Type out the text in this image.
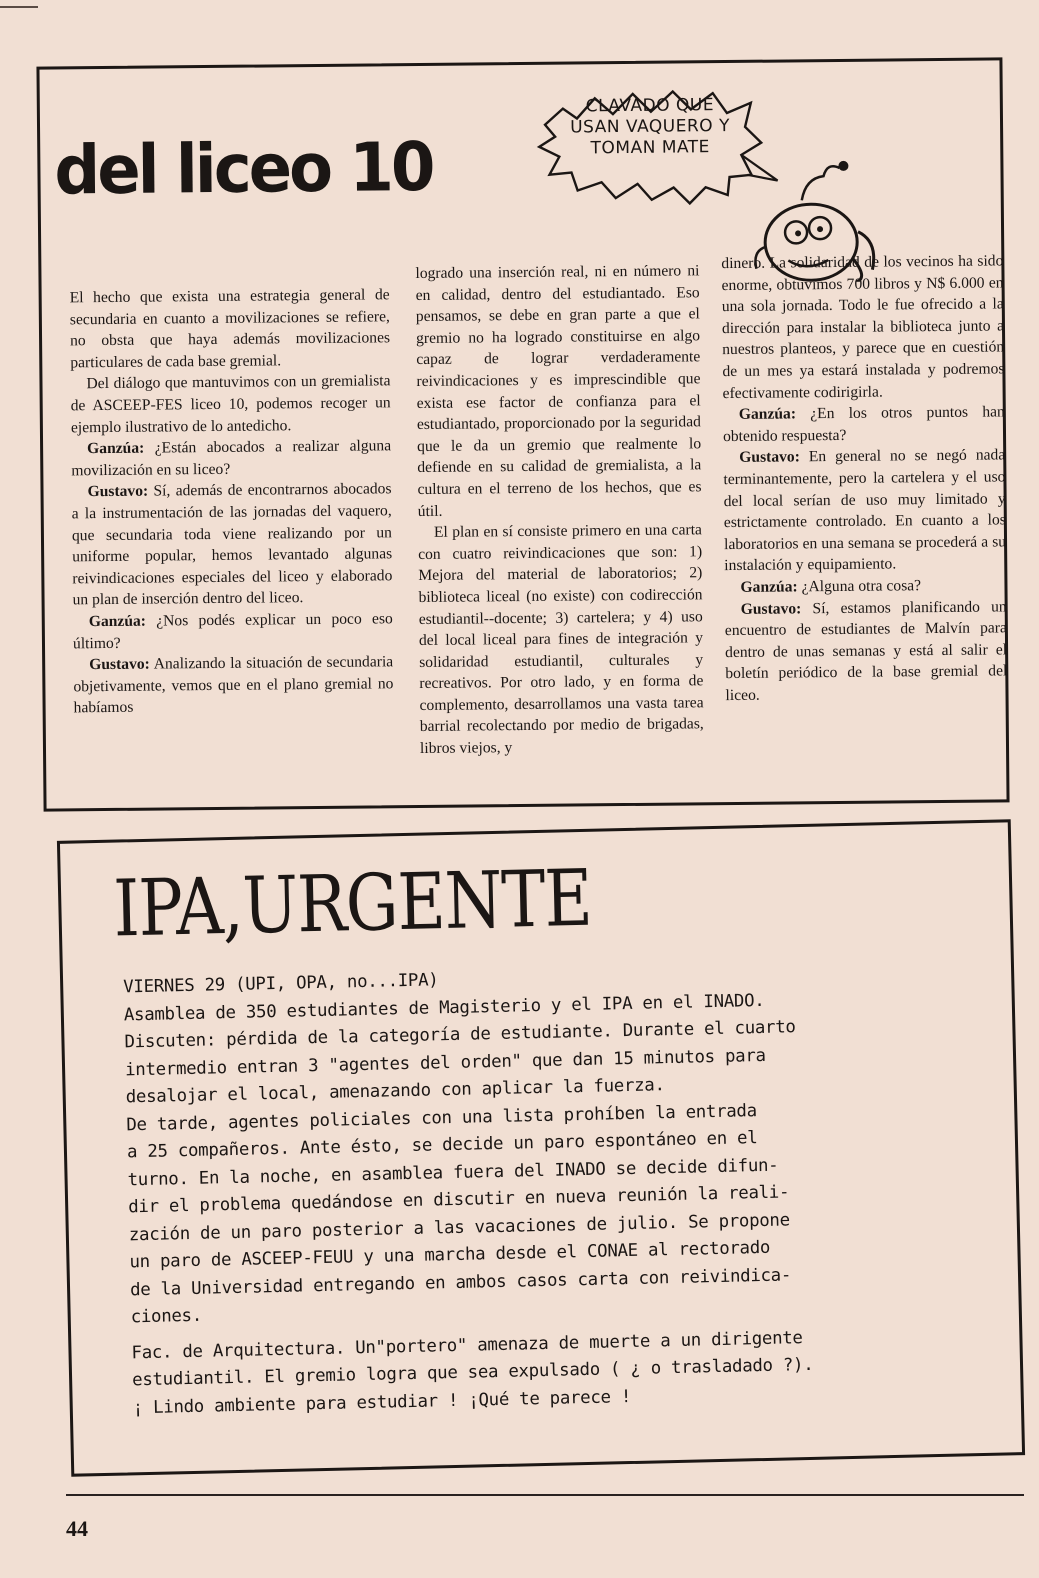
del liceo 10
CLAVADO QUE USAN VAQUERO Y TOMAN MATE

El hecho que exista una estrategia general de secundaria en cuanto a movilizaciones se refiere, no obsta que haya además movilizaciones particulares de cada base gremial.

Del diálogo que mantuvimos con un gremialista de ASCEEP-FES liceo 10, podemos recoger un ejemplo ilustrativo de lo antedicho.

Ganzúa: ¿Están abocados a realizar alguna movilización en su liceo?

Gustavo: Sí, además de encontrarnos abocados a la instrumentación de las jornadas del vaquero, que secundaria toda viene realizando por un uniforme popular, hemos levantado algunas reivindicaciones especiales del liceo y elaborado un plan de inserción dentro del liceo.

Ganzúa: ¿Nos podés explicar un poco eso último?

Gustavo: Analizando la situación de secundaria objetivamente, vemos que en el plano gremial no habíamos

logrado una inserción real, ni en número ni en calidad, dentro del estudiantado. Eso pensamos, se debe en gran parte a que el gremio no ha logrado constituirse en algo capaz de lograr verdaderamente reivindicaciones y es imprescindible que exista ese factor de confianza para el estudiantado, proporcionado por la seguridad que le da un gremio que realmente lo defiende en su calidad de gremialista, a la cultura en el terreno de los hechos, que es útil.

El plan en sí consiste primero en una carta con cuatro reivindicaciones que son: 1) Mejora del material de laboratorios; 2) biblioteca liceal (no existe) con codirección estudiantil--docente; 3) cartelera; y 4) uso del local liceal para fines de integración y solidaridad estudiantil, culturales y recreativos. Por otro lado, y en forma de complemento, desarrollamos una vasta tarea barrial recolectando por medio de brigadas, libros viejos, y

dinero. La solidaridad de los vecinos ha sido enorme, obtuvimos 700 libros y N$ 6.000 en una sola jornada. Todo le fue ofrecido a la dirección para instalar la biblioteca junto a nuestros planteos, y parece que en cuestión de un mes ya estará instalada y podremos efectivamente codirigirla.

Ganzúa: ¿En los otros puntos han obtenido respuesta?

Gustavo: En general no se negó nada terminantemente, pero la cartelera y el uso del local serían de uso muy limitado y estrictamente controlado. En cuanto a los laboratorios en una semana se procederá a su instalación y equipamiento.

Ganzúa: ¿Alguna otra cosa?

Gustavo: Sí, estamos planificando un encuentro de estudiantes de Malvín para dentro de unas semanas y está al salir el boletín periódico de la base gremial del liceo.

IPA,URGENTE
VIERNES 29 (UPI, OPA, no...IPA)
Asamblea de 350 estudiantes de Magisterio y el IPA en el INADO.
Discuten: pérdida de la categoría de estudiante. Durante el cuarto
intermedio entran 3 "agentes del orden" que dan 15 minutos para
desalojar el local, amenazando con aplicar la fuerza.
De tarde, agentes policiales con una lista prohíben la entrada
a 25 compañeros. Ante ésto, se decide un paro espontáneo en el
turno. En la noche, en asamblea fuera del INADO se decide difun-
dir el problema quedándose en discutir en nueva reunión la reali-
zación de un paro posterior a las vacaciones de julio. Se propone
un paro de ASCEEP-FEUU y una marcha desde el CONAE al rectorado
de la Universidad entregando en ambos casos carta con reivindica-
ciones.
Fac. de Arquitectura. Un"portero" amenaza de muerte a un dirigente
estudiantil. El gremio logra que sea expulsado ( ¿ o trasladado ?).
¡ Lindo ambiente para estudiar ! ¡Qué te parece !
44
